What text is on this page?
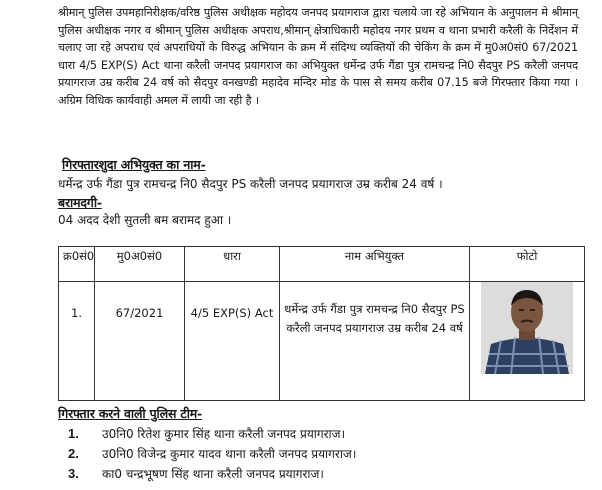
श्रीमान् पुलिस उपमहानिरीक्षक/वरिष्ठ पुलिस अधीक्षक महोदय जनपद प्रयागराज द्वारा चलाये जा रहे अभियान के अनुपालन मे श्रीमान् पुलिस अधीक्षक नगर व श्रीमान् पुलिस अधीक्षक अपराध,श्रीमान् क्षेत्राधिकारी महोदय नगर प्रथम व थाना प्रभारी करैली के निर्देशन में चलाए जा रहे अपराध एवं अपराधियों के विरुद्ध अभियान के क्रम में संदिग्ध व्यक्तियों की चेकिंग के क्रम में मु0अ0सं0 67/2021 धारा 4/5 EXP(S) Act थाना करैली जनपद प्रयागराज का अभियुक्त धर्मेन्द्र उर्फ गैंडा पुत्र रामचन्द्र नि0 सैदपुर PS करैली जनपद प्रयागराज उम्र करीब 24 वर्ष को सैदपुर वनखण्डी महादेव मन्दिर मोड के पास से समय करीब 07.15 बजे गिरफ्तार किया गया । अग्रिम विधिक कार्यवाही अमल में लायी जा रही है ।
गिरफ्तारशुदा अभियुक्त का नाम-
धर्मेन्द्र उर्फ गैंडा पुत्र रामचन्द्र नि0 सैदपुर PS करैली जनपद प्रयागराज उम्र करीब 24 वर्ष ।
बरामदगी-
04 अदद देशी सुतली बम बरामद हुआ ।
क्र0सं0	मु0अ0सं0	धारा	नाम अभियुक्त	फोटो
1.	67/2021	4/5 EXP(S) Act	धर्मेन्द्र उर्फ गैंडा पुत्र रामचन्द्र नि0 सैदपुर PS करैली जनपद प्रयागराज उम्र करीब 24 वर्ष	
गिरफ्तार करने वाली पुलिस टीम-
1. उ0नि0 रितेश कुमार सिंह थाना करैली जनपद प्रयागराज।
2. उ0नि0 विजेन्द्र कुमार यादव थाना करैली जनपद प्रयागराज।
3. का0 चन्द्रभूषण सिंह थाना करैली जनपद प्रयागराज।
